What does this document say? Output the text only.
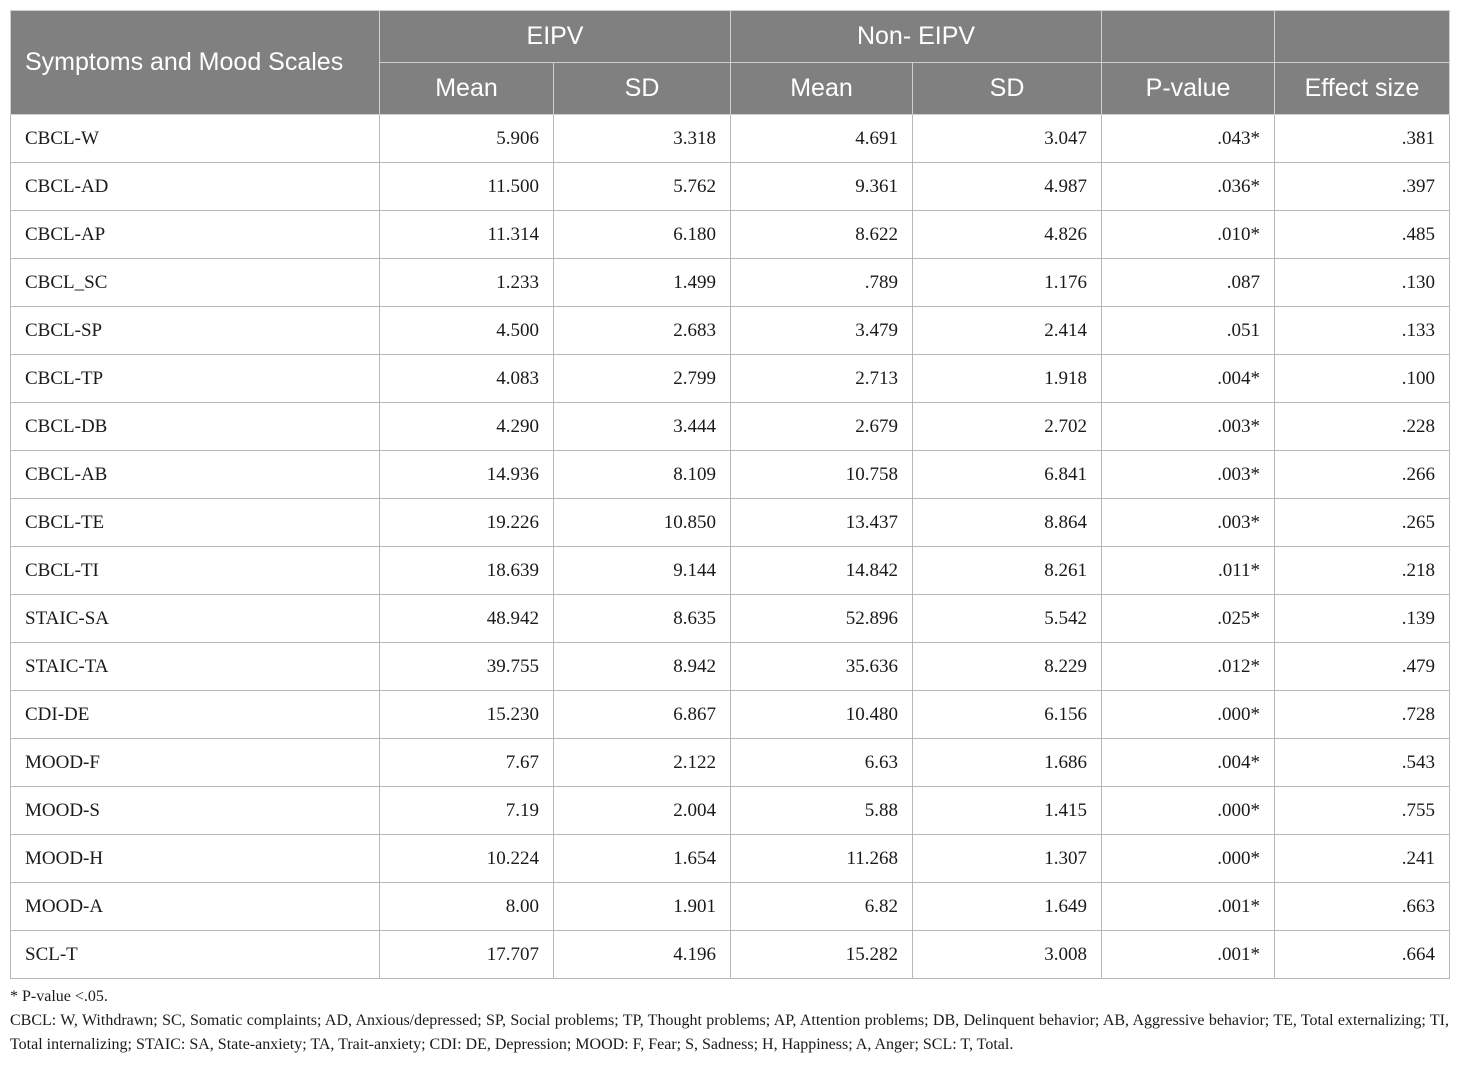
Symptoms and Mood Scales	EIPV		Non- EIPV			
	Mean	SD	Mean	SD	P-value	Effect size
CBCL-W	5.906	3.318	4.691	3.047	.043*	.381
CBCL-AD	11.500	5.762	9.361	4.987	.036*	.397
CBCL-AP	11.314	6.180	8.622	4.826	.010*	.485
CBCL_SC	1.233	1.499	.789	1.176	.087	.130
CBCL-SP	4.500	2.683	3.479	2.414	.051	.133
CBCL-TP	4.083	2.799	2.713	1.918	.004*	.100
CBCL-DB	4.290	3.444	2.679	2.702	.003*	.228
CBCL-AB	14.936	8.109	10.758	6.841	.003*	.266
CBCL-TE	19.226	10.850	13.437	8.864	.003*	.265
CBCL-TI	18.639	9.144	14.842	8.261	.011*	.218
STAIC-SA	48.942	8.635	52.896	5.542	.025*	.139
STAIC-TA	39.755	8.942	35.636	8.229	.012*	.479
CDI-DE	15.230	6.867	10.480	6.156	.000*	.728
MOOD-F	7.67	2.122	6.63	1.686	.004*	.543
MOOD-S	7.19	2.004	5.88	1.415	.000*	.755
MOOD-H	10.224	1.654	11.268	1.307	.000*	.241
MOOD-A	8.00	1.901	6.82	1.649	.001*	.663
SCL-T	17.707	4.196	15.282	3.008	.001*	.664

* P-value <.05.

CBCL: W, Withdrawn; SC, Somatic complaints; AD, Anxious/depressed; SP, Social problems; TP, Thought problems; AP, Attention problems; DB, Delinquent behavior; AB, Aggressive behavior; TE, Total externalizing; TI, Total internalizing; STAIC: SA, State-anxiety; TA, Trait-anxiety; CDI: DE, Depression; MOOD: F, Fear; S, Sadness; H, Happiness; A, Anger; SCL: T, Total.
